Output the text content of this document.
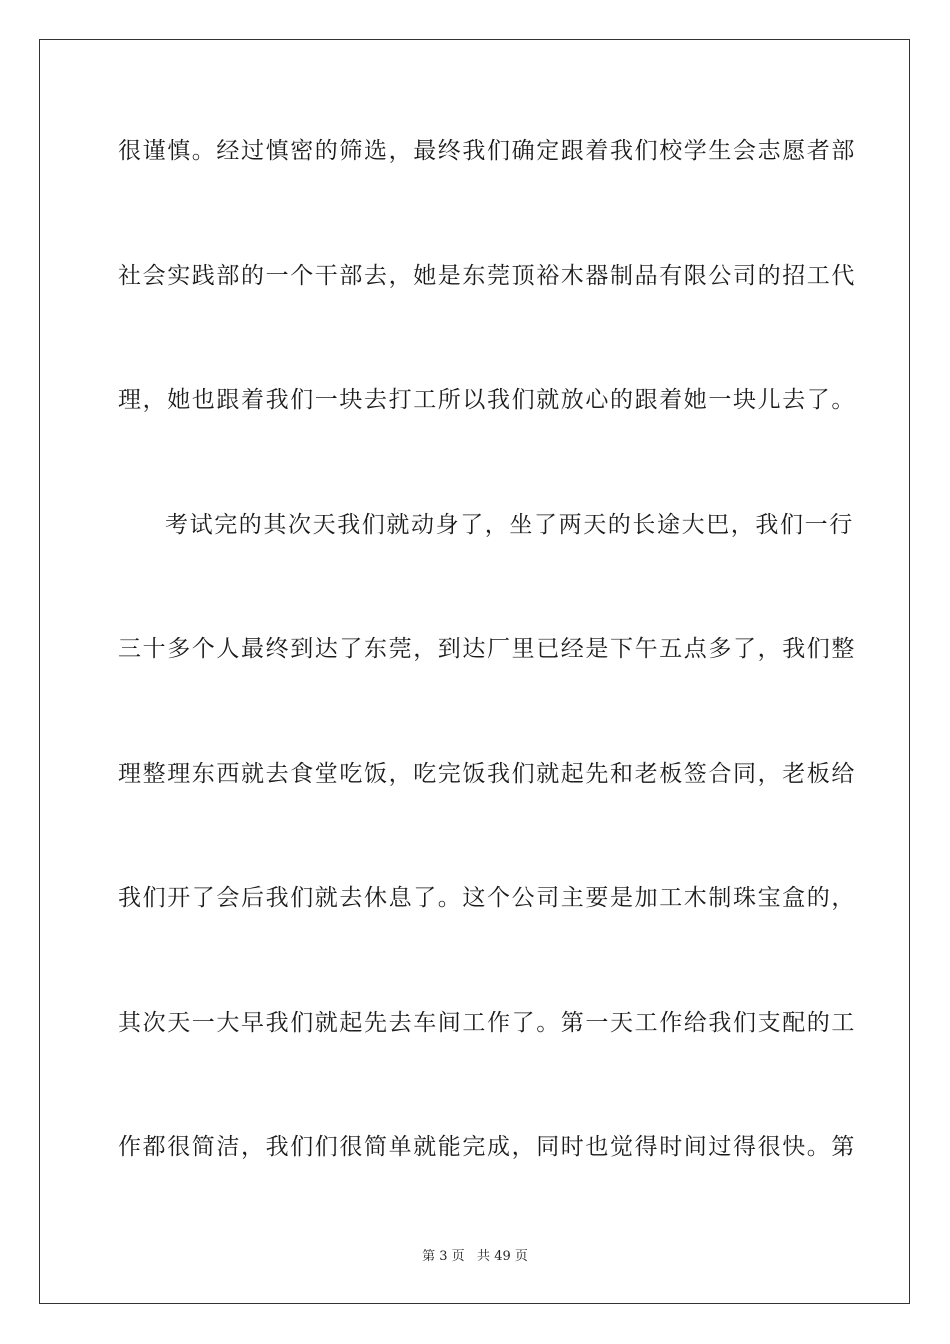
很谨慎。经过慎密的筛选，最终我们确定跟着我们校学生会志愿者部
社会实践部的一个干部去，她是东莞顶裕木器制品有限公司的招工代
理，她也跟着我们一块去打工所以我们就放心的跟着她一块儿去了。
考试完的其次天我们就动身了，坐了两天的长途大巴，我们一行
三十多个人最终到达了东莞，到达厂里已经是下午五点多了，我们整
理整理东西就去食堂吃饭，吃完饭我们就起先和老板签合同，老板给
我们开了会后我们就去休息了。这个公司主要是加工木制珠宝盒的，
其次天一大早我们就起先去车间工作了。第一天工作给我们支配的工
作都很简洁，我们们很简单就能完成，同时也觉得时间过得很快。第
第 3 页   共 49 页
